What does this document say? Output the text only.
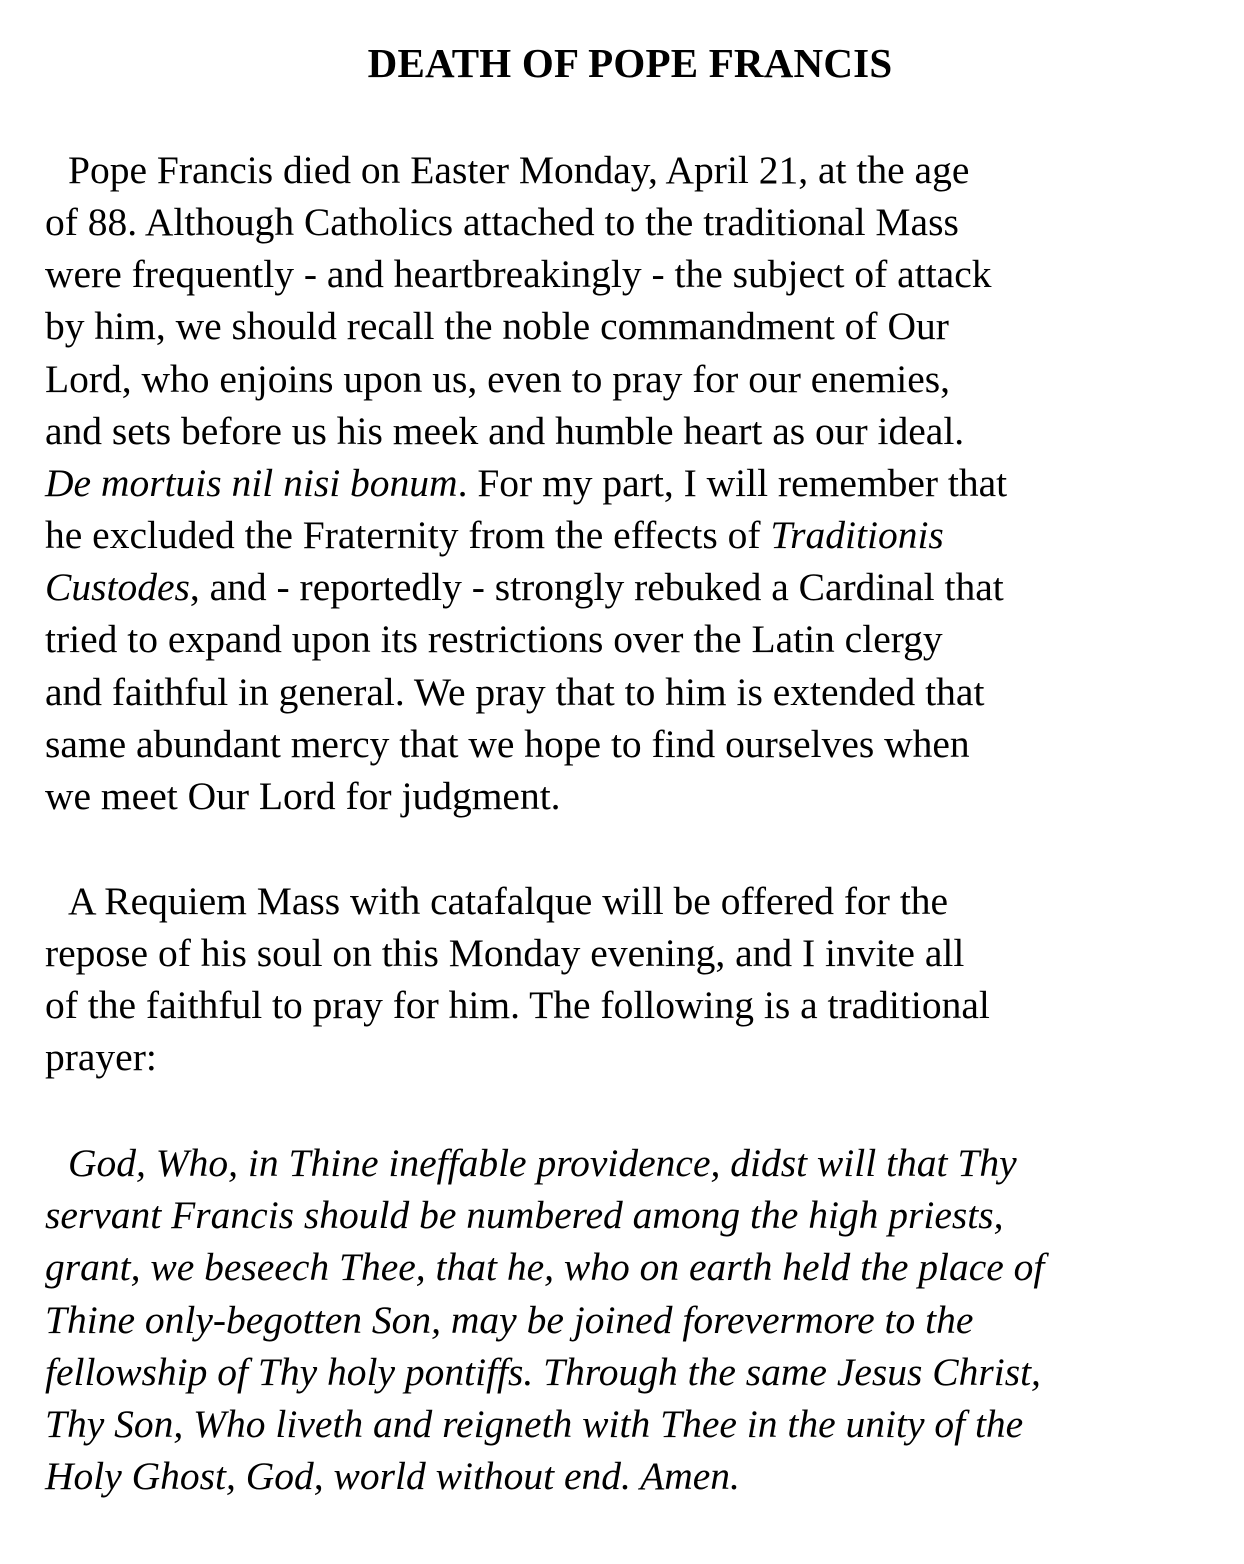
DEATH OF POPE FRANCIS
Pope Francis died on Easter Monday, April 21, at the age
of 88. Although Catholics attached to the traditional Mass
were frequently - and heartbreakingly - the subject of attack
by him, we should recall the noble commandment of Our
Lord, who enjoins upon us, even to pray for our enemies,
and sets before us his meek and humble heart as our ideal.
De mortuis nil nisi bonum. For my part, I will remember that
he excluded the Fraternity from the effects of Traditionis
Custodes, and - reportedly - strongly rebuked a Cardinal that
tried to expand upon its restrictions over the Latin clergy
and faithful in general. We pray that to him is extended that
same abundant mercy that we hope to find ourselves when
we meet Our Lord for judgment.
A Requiem Mass with catafalque will be offered for the
repose of his soul on this Monday evening, and I invite all
of the faithful to pray for him. The following is a traditional
prayer:
God, Who, in Thine ineffable providence, didst will that Thy
servant Francis should be numbered among the high priests,
grant, we beseech Thee, that he, who on earth held the place of
Thine only-begotten Son, may be joined forevermore to the
fellowship of Thy holy pontiffs. Through the same Jesus Christ,
Thy Son, Who liveth and reigneth with Thee in the unity of the
Holy Ghost, God, world without end. Amen.
